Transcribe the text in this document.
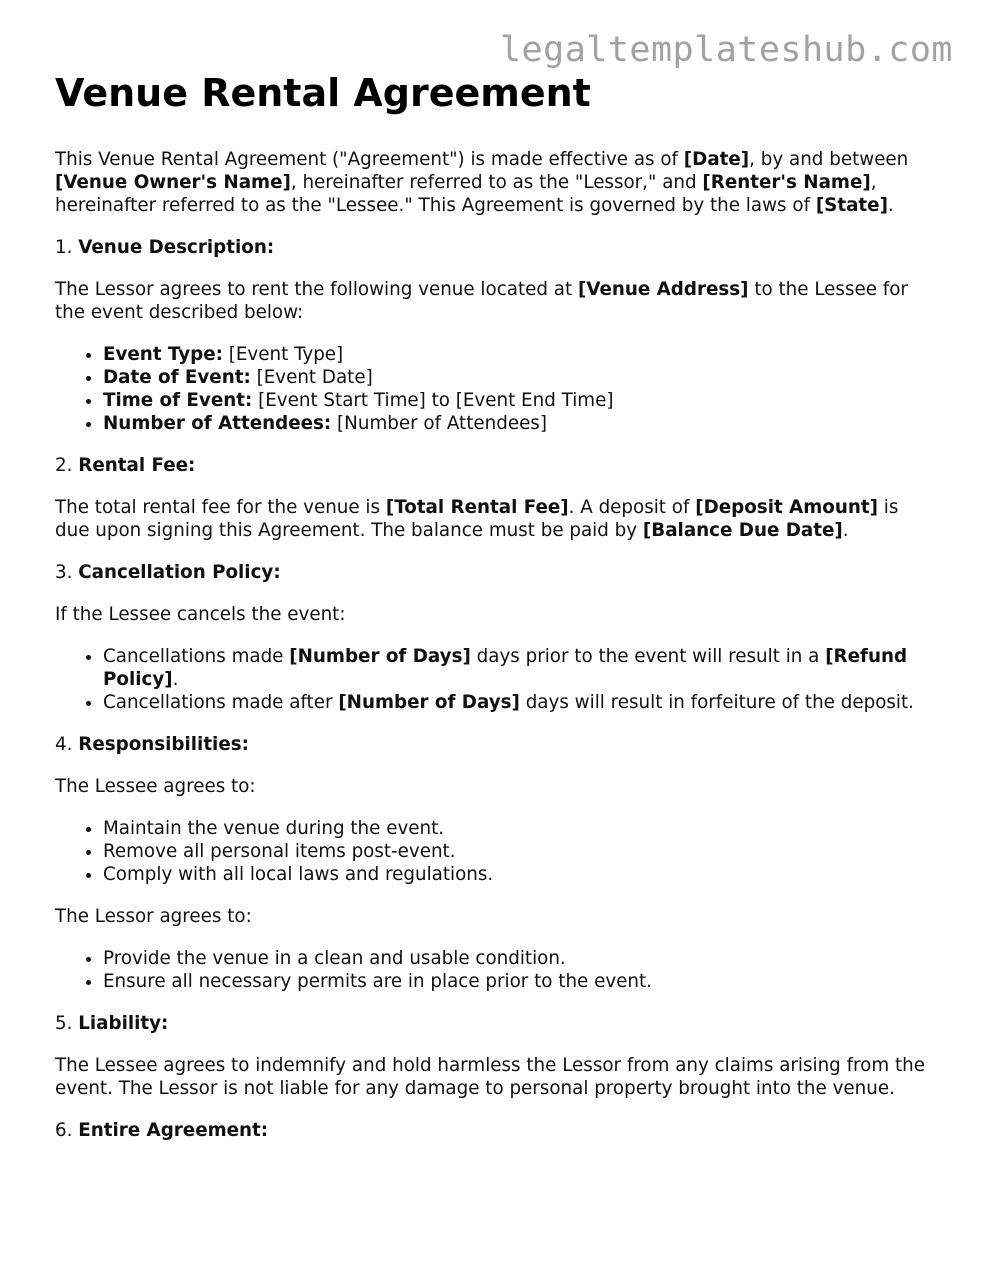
legaltemplateshub.com
Venue Rental Agreement

This Venue Rental Agreement ("Agreement") is made effective as of [Date], by and between [Venue Owner's Name], hereinafter referred to as the "Lessor," and [Renter's Name], hereinafter referred to as the "Lessee." This Agreement is governed by the laws of [State].

1. Venue Description:

The Lessor agrees to rent the following venue located at [Venue Address] to the Lessee for the event described below:

• Event Type: [Event Type]
• Date of Event: [Event Date]
• Time of Event: [Event Start Time] to [Event End Time]
• Number of Attendees: [Number of Attendees]

2. Rental Fee:

The total rental fee for the venue is [Total Rental Fee]. A deposit of [Deposit Amount] is due upon signing this Agreement. The balance must be paid by [Balance Due Date].

3. Cancellation Policy:

If the Lessee cancels the event:

• Cancellations made [Number of Days] days prior to the event will result in a [Refund Policy].
• Cancellations made after [Number of Days] days will result in forfeiture of the deposit.

4. Responsibilities:

The Lessee agrees to:

• Maintain the venue during the event.
• Remove all personal items post-event.
• Comply with all local laws and regulations.

The Lessor agrees to:

• Provide the venue in a clean and usable condition.
• Ensure all necessary permits are in place prior to the event.

5. Liability:

The Lessee agrees to indemnify and hold harmless the Lessor from any claims arising from the event. The Lessor is not liable for any damage to personal property brought into the venue.

6. Entire Agreement:
